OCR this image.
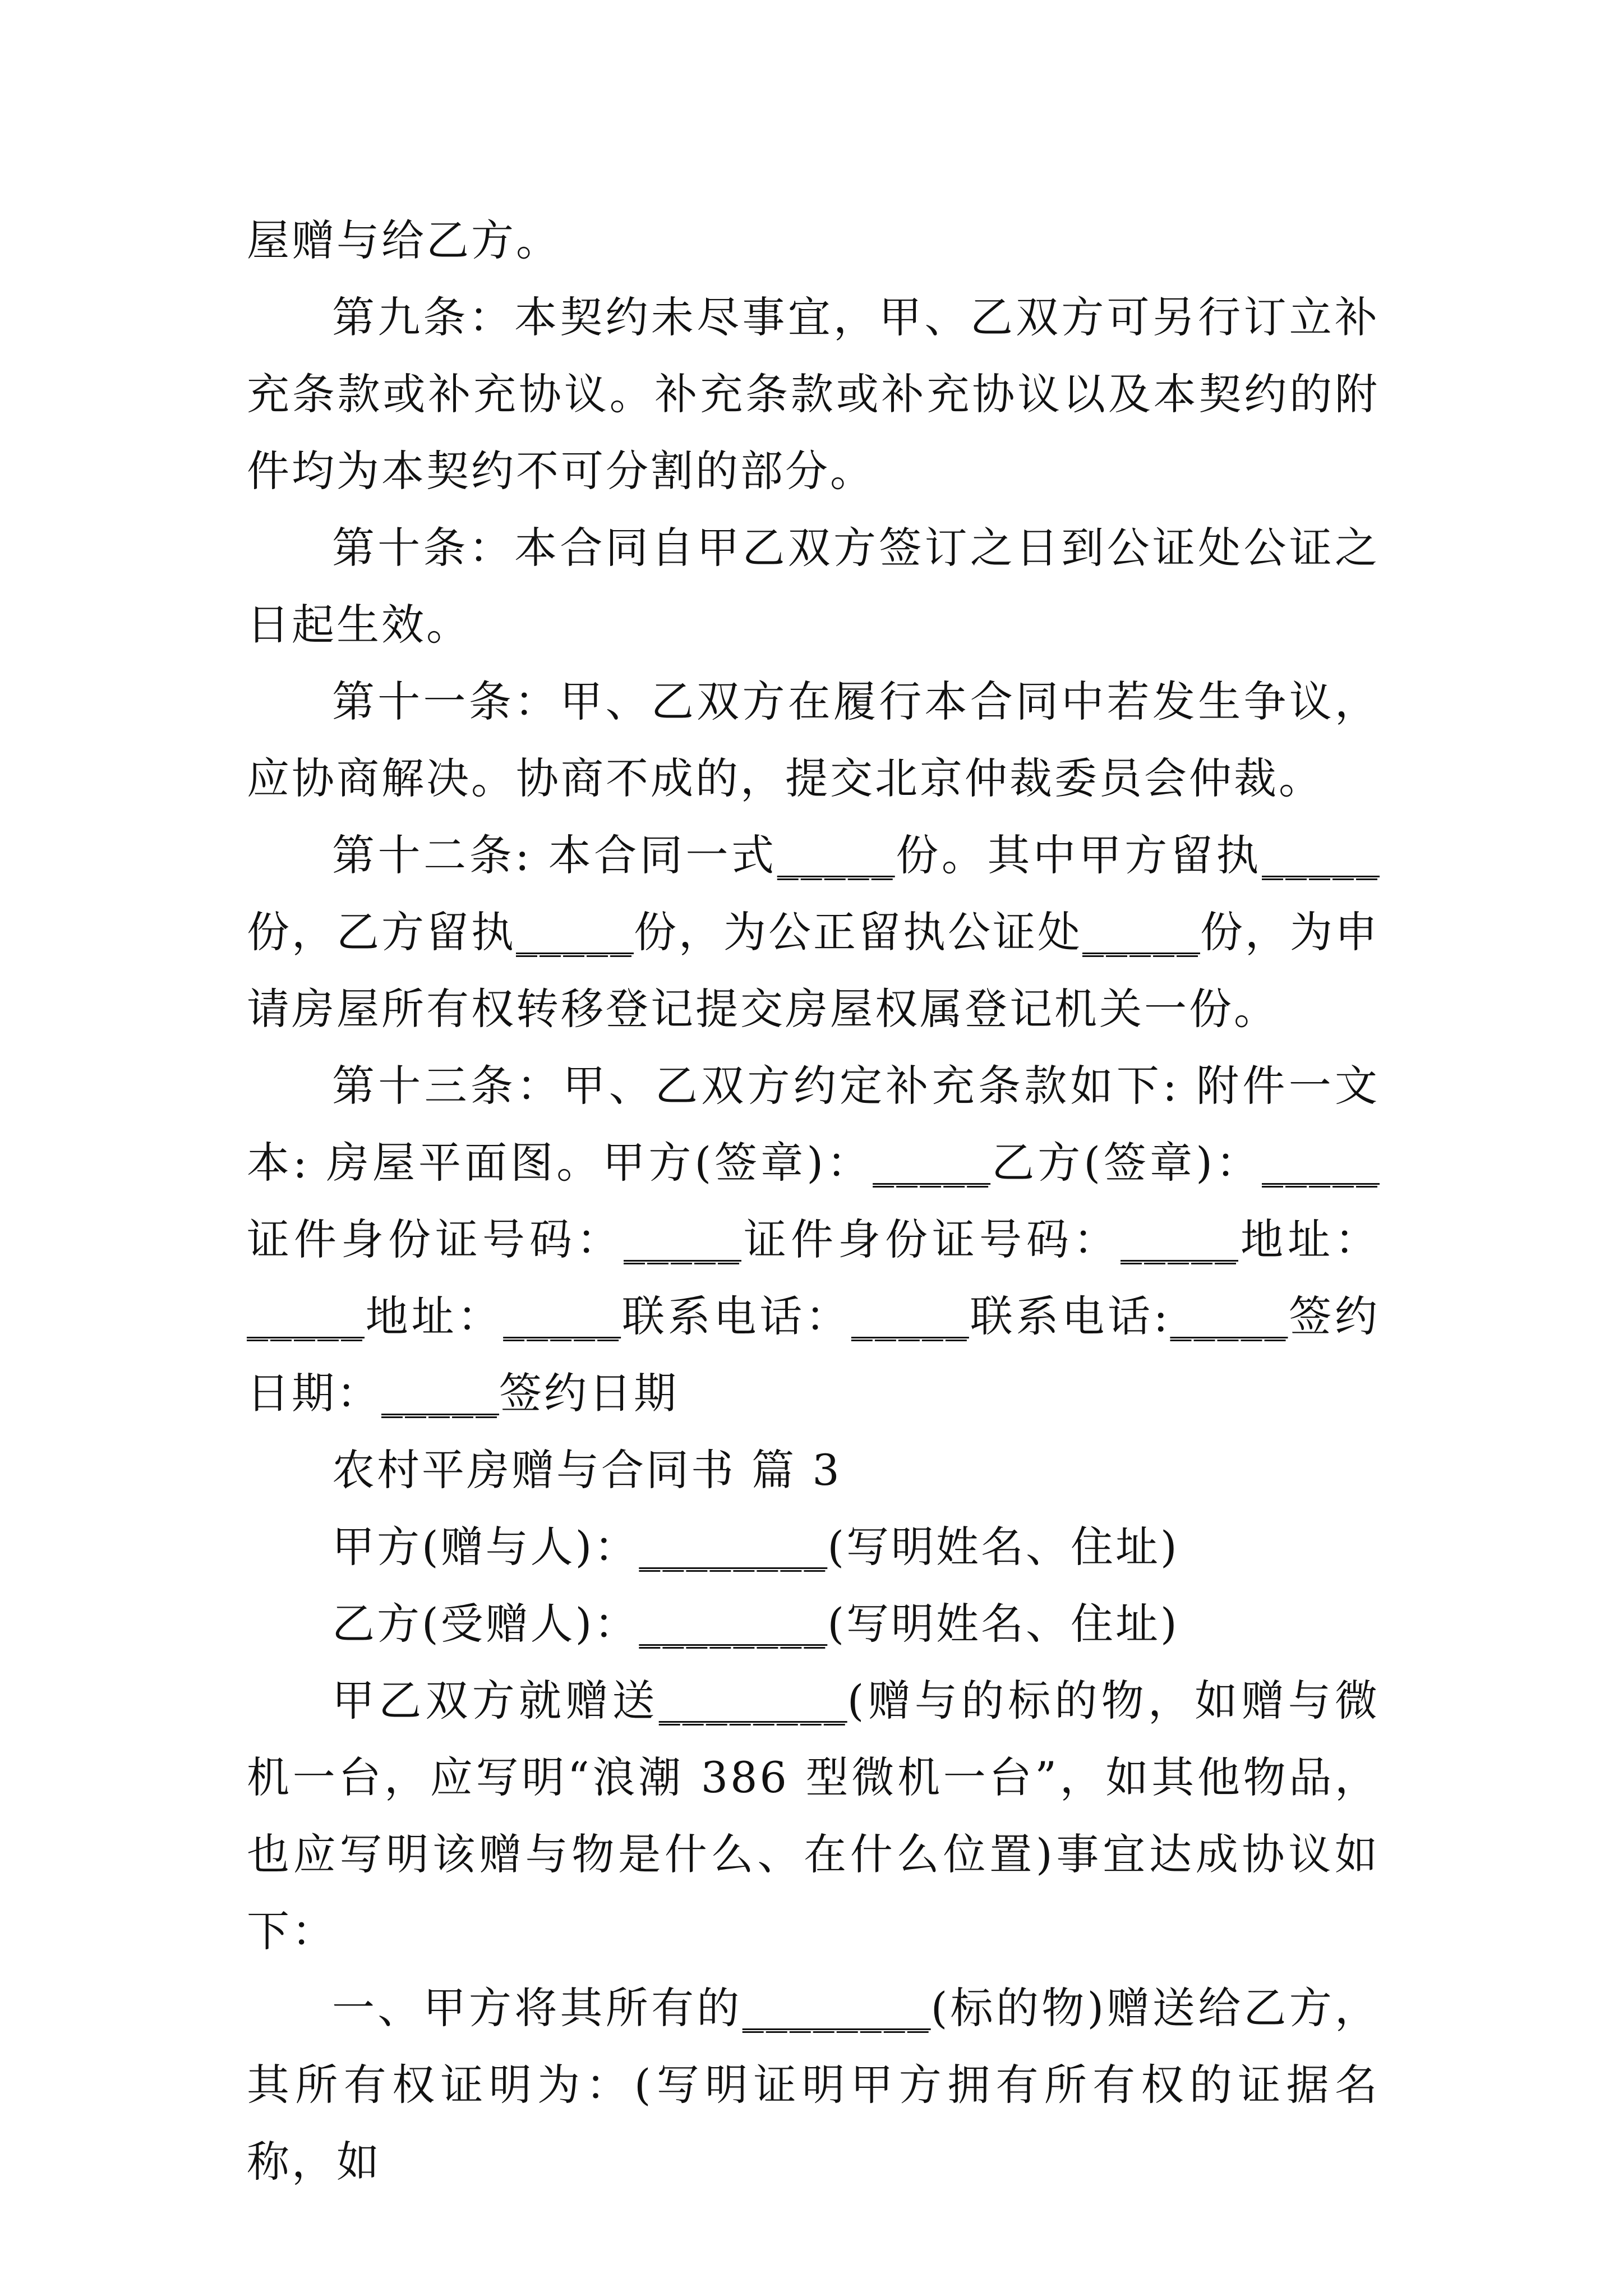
屋赠与给乙方。

第九条：本契约未尽事宜，甲、乙双方可另行订立补充条款或补充协议。补充条款或补充协议以及本契约的附件均为本契约不可分割的部分。

第十条：本合同自甲乙双方签订之日到公证处公证之日起生效。

第十一条：甲、乙双方在履行本合同中若发生争议，应协商解决。协商不成的，提交北京仲裁委员会仲裁。

第十二条: 本合同一式_____份。其中甲方留执_____份，乙方留执_____份，为公正留执公证处_____份，为申请房屋所有权转移登记提交房屋权属登记机关一份。

第十三条：甲、乙双方约定补充条款如下: 附件一文本: 房屋平面图。甲方(签章)：_____乙方(签章)：_____证件身份证号码：_____证件身份证号码：_____地址：_____地址：_____联系电话：_____联系电话:_____签约日期：_____签约日期

农村平房赠与合同书 篇 3

甲方(赠与人)：________(写明姓名、住址)

乙方(受赠人)：________(写明姓名、住址)

甲乙双方就赠送________(赠与的标的物，如赠与微机一台，应写明“浪潮 386 型微机一台”，如其他物品，也应写明该赠与物是什么、在什么位置)事宜达成协议如下：

一、甲方将其所有的________(标的物)赠送给乙方，其所有权证明为：(写明证明甲方拥有所有权的证据名称，如
